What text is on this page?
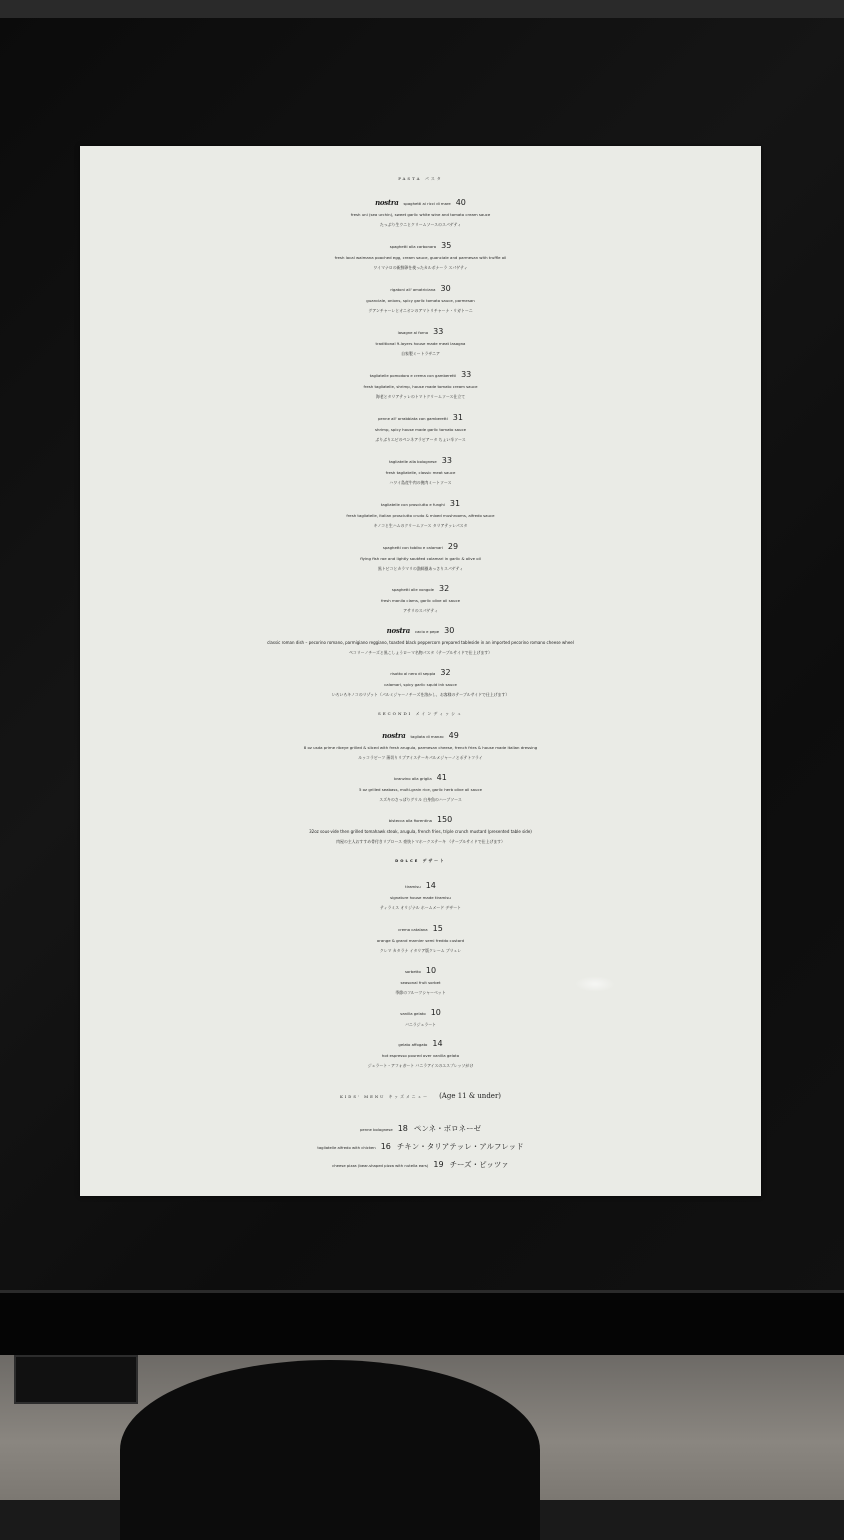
PASTA パスタ
nostra spaghetti ai ricci di mare 40
fresh uni (sea urchin), sweet garlic white wine and tomato cream sauce
たっぷり生ウニとクリームソースのスパゲティ
spaghetti alla carbonara 35
fresh local waimana poached egg, cream sauce, guanciale and parmesan with truffle oil
ワイマナロの新鮮卵を使ったカルボナーラ スパゲティ
rigatoni all' amatriciana 30
guanciale, onions, spicy garlic tomato sauce, parmesan
グアンチャーレとオニオンのアマトリチャーナ・リガトーニ
lasagne al forno 33
traditional 9-layers house made meat lasagna
自家製ミートラザニア
tagliatelle pomodoro e crema con gamberetti 33
fresh tagliatelle, shrimp, house made tomato cream sauce
海老とタリアテッレのトマトクリームソース仕立て
penne all' arrabbiata con gamberetti 31
shrimp, spicy house made garlic tomato sauce
ぷりぷりエビのペンネアラビアータ ちょい辛ソース
tagliatelle alla bolognese 33
fresh tagliatelle, classic meat sauce
ハワイ島産牛肉の挽肉ミートソース
tagliatelle con prosciutto e funghi 31
fresh tagliatelle, italian prosciutto crudo & mixed mushrooms, alfredo sauce
キノコと生ハムのクリームソース タリアテッレパスタ
spaghetti con tobiko e calamari 29
flying fish roe and lightly sautéed calamari in garlic & olive oil
黒トビコとカラマリの漁師風あっさりスパゲティ
spaghetti alle vongole 32
fresh manila clams, garlic olive oil sauce
アサリのスパゲティ
nostra cacio e pepe 30
classic roman dish – pecorino romano, parmigiano reggiano, toasted black peppercorn prepared tableside in an imported pecorino romano cheese wheel
ペコリーノチーズと黒こしょうローマ名物パスタ（テーブルサイドで仕上げます）
risotto al nero di seppia 32
calamari, spicy garlic squid ink sauce
いろいろキノコのリゾット（パルミジャーノチーズを溶かし、お客様のテーブルサイドで仕上げます）
SECONDI メインディッシュ
nostra tagliata di manzo 49
8 oz usda prime ribeye grilled & sliced with fresh arugula, parmesan cheese, french fries & house made italian dressing
ルッコラビーフ 薄切りリブアイステーキパルメジャーノとポテトフライ
branzino alla griglia 41
5 oz grilled seabass, multi-grain rice, garlic herb olive oil sauce
スズキのさっぱりグリル 白身魚のハーブソース
bistecca alla fiorentina 150
32oz sous-vide then grilled tomahawk steak, arugula, french fries, triple crunch mustard (presented table side)
肉屋の主人おすすめ骨付きリブロース 豪快トマホークステーキ （テーブルサイドで仕上げます）
DOLCE デザート
tiramisu 14
signature house made tiramisu
ティラミス オリジナル ホームメード デザート
crema catalana 15
orange & grand marnier semi freddo custard
クレマ カタラナ イタリア版クレーム ブリュレ
sorbetto 10
seasonal fruit sorbet
季節のフルーツシャーベット
vanilla gelato 10
バニラジェラート
gelato affogato 14
hot espresso poured over vanilla gelato
ジェラート・アフォガート バニラアイスのエスプレッソがけ
KIDS' MENU キッズメニュー (Age 11 & under)
penne bolognese 18 ペンネ・ボロネーゼ
tagliatelle alfredo with chicken 16 チキン・タリアテッレ・アルフレッド
cheese pizza (bear-shaped pizza with nutella ears) 19 チーズ・ピッツァ
